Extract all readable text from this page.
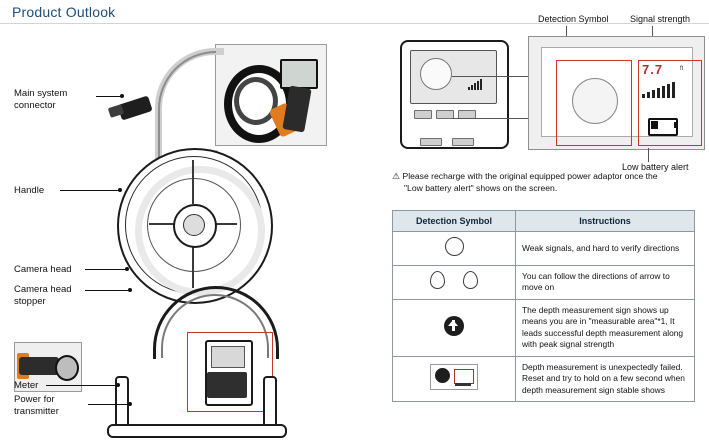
Product Outlook
Main system
connector
Handle
Camera head
Camera head
stopper
Meter
Power for
transmitter
Detection Symbol Signal strength
7.7	ft
Low battery alert
⚠ Please recharge with the original equipped power adaptor once the
"Low battery alert" shows on the screen.
Detection Symbol	Instructions
	Weak signals, and hard to verify directions

	You can follow the directions of arrow to move on
	The depth measurement sign shows up means you are in "measurable area"*1, It leads successful depth measurement along with peak signal strength

	Depth measurement is unexpectedly failed. Reset and try to hold on a few second when depth measurement sign stable shows
